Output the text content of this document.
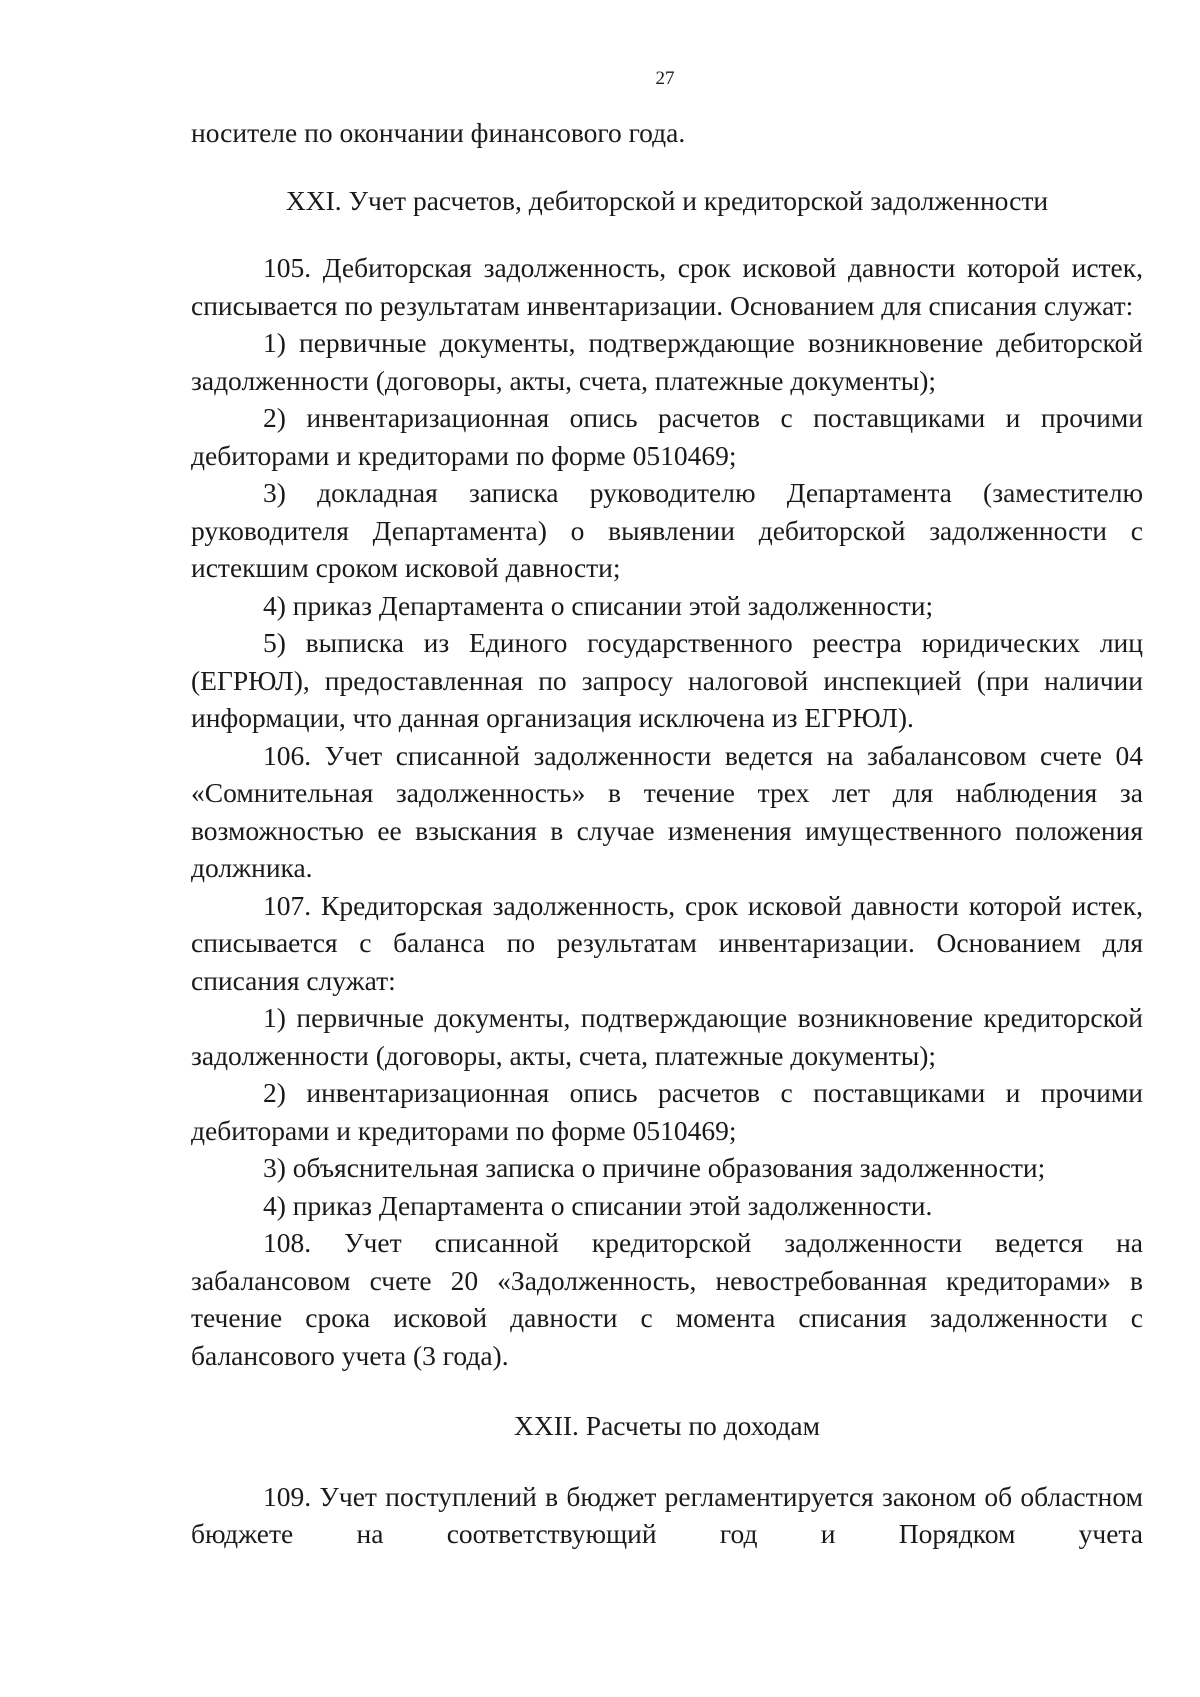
27

носителе по окончании финансового года.

XXI. Учет расчетов, дебиторской и кредиторской задолженности

105. Дебиторская задолженность, срок исковой давности которой истек, списывается по результатам инвентаризации. Основанием для списания служат:

1) первичные документы, подтверждающие возникновение дебиторской задолженности (договоры, акты, счета, платежные документы);

2) инвентаризационная опись расчетов с поставщиками и прочими дебиторами и кредиторами по форме 0510469;

3) докладная записка руководителю Департамента (заместителю руководителя Департамента) о выявлении дебиторской задолженности с истекшим сроком исковой давности;

4) приказ Департамента о списании этой задолженности;

5) выписка из Единого государственного реестра юридических лиц (ЕГРЮЛ), предоставленная по запросу налоговой инспекцией (при наличии информации, что данная организация исключена из ЕГРЮЛ).

106. Учет списанной задолженности ведется на забалансовом счете 04 «Сомнительная задолженность» в течение трех лет для наблюдения за возможностью ее взыскания в случае изменения имущественного положения должника.

107. Кредиторская задолженность, срок исковой давности которой истек, списывается с баланса по результатам инвентаризации. Основанием для списания служат:

1) первичные документы, подтверждающие возникновение кредиторской задолженности (договоры, акты, счета, платежные документы);

2) инвентаризационная опись расчетов с поставщиками и прочими дебиторами и кредиторами по форме 0510469;

3) объяснительная записка о причине образования задолженности;

4) приказ Департамента о списании этой задолженности.

108. Учет списанной кредиторской задолженности ведется на забалансовом счете 20 «Задолженность, невостребованная кредиторами» в течение срока исковой давности с момента списания задолженности с балансового учета (3 года).

XXII. Расчеты по доходам

109. Учет поступлений в бюджет регламентируется законом об областном бюджете на соответствующий год и Порядком учета
